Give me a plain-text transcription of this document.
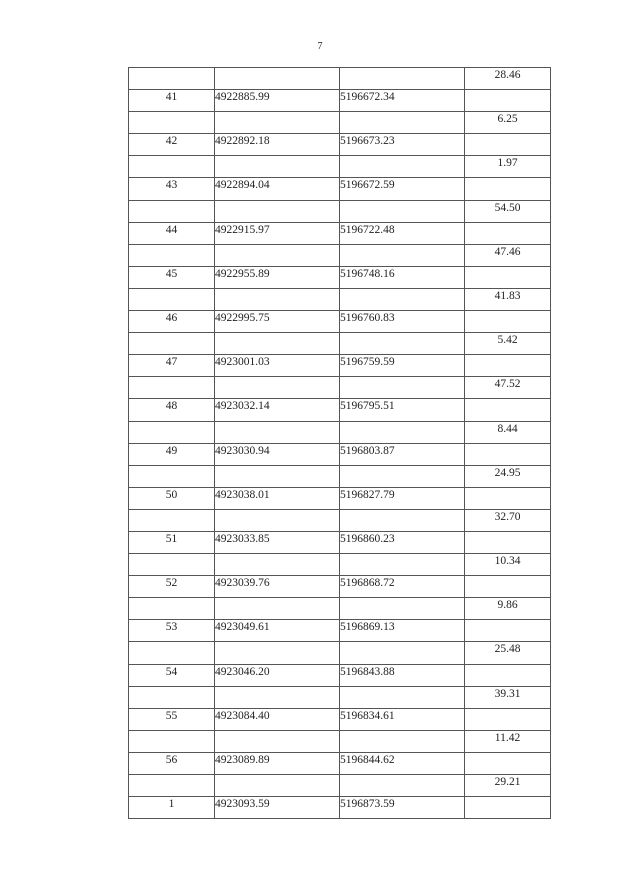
7
			28.46
41	4922885.99	5196672.34	
			6.25
42	4922892.18	5196673.23	
			1.97
43	4922894.04	5196672.59	
			54.50
44	4922915.97	5196722.48	
			47.46
45	4922955.89	5196748.16	
			41.83
46	4922995.75	5196760.83	
			5.42
47	4923001.03	5196759.59	
			47.52
48	4923032.14	5196795.51	
			8.44
49	4923030.94	5196803.87	
			24.95
50	4923038.01	5196827.79	
			32.70
51	4923033.85	5196860.23	
			10.34
52	4923039.76	5196868.72	
			9.86
53	4923049.61	5196869.13	
			25.48
54	4923046.20	5196843.88	
			39.31
55	4923084.40	5196834.61	
			11.42
56	4923089.89	5196844.62	
			29.21
1	4923093.59	5196873.59	
